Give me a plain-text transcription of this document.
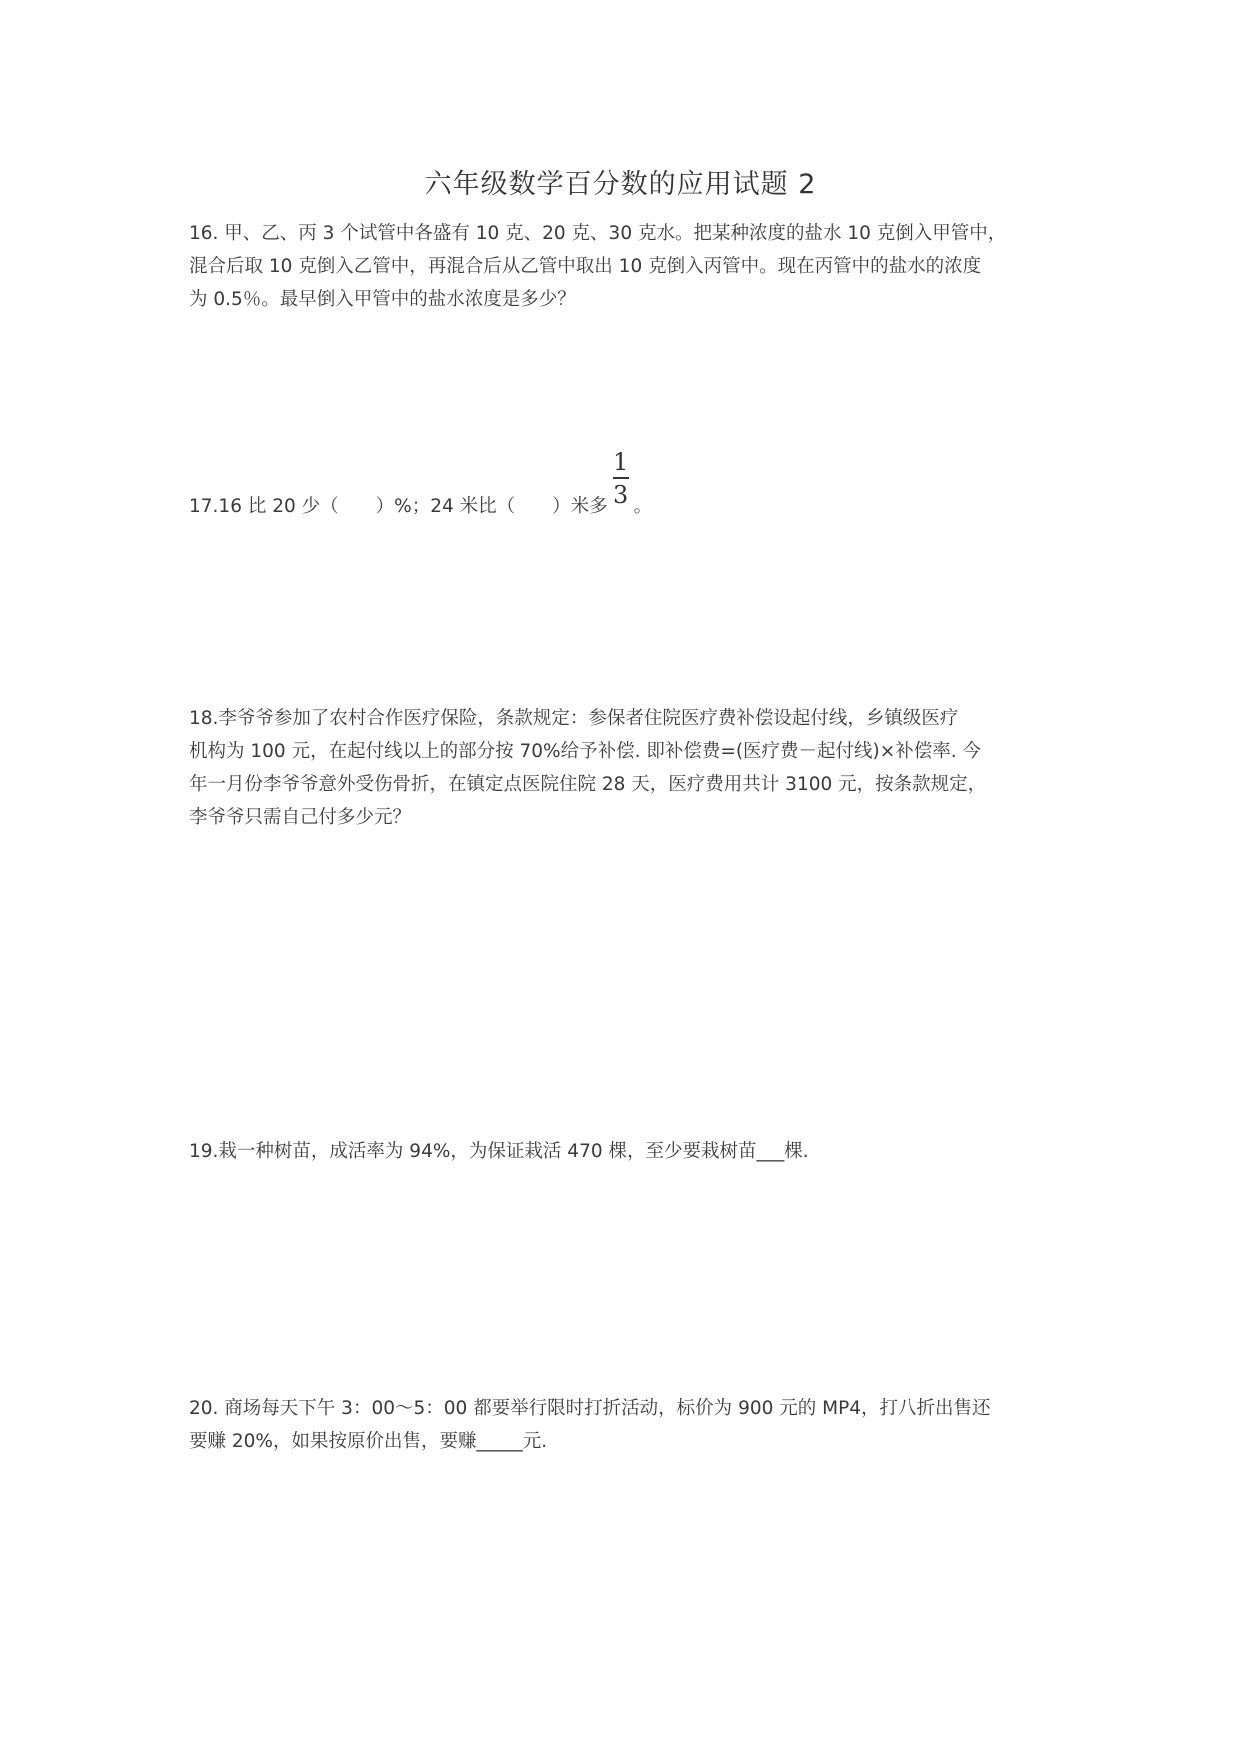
六年级数学百分数的应用试题 2

16. 甲、乙、丙 3 个试管中各盛有 10 克、20 克、30 克水。把某种浓度的盐水 10 克倒入甲管中，

混合后取 10 克倒入乙管中，再混合后从乙管中取出 10 克倒入丙管中。现在丙管中的盐水的浓度

为 0.5％。最早倒入甲管中的盐水浓度是多少？

17.16 比 20 少（　　）%；24 米比（　　）米多 $\frac{1}{3}$ 。

18.李爷爷参加了农村合作医疗保险，条款规定：参保者住院医疗费补偿设起付线，乡镇级医疗

机构为 100 元，在起付线以上的部分按 70%给予补偿. 即补偿费=(医疗费－起付线)×补偿率. 今

年一月份李爷爷意外受伤骨折，在镇定点医院住院 28 天，医疗费用共计 3100 元，按条款规定，

李爷爷只需自己付多少元？

19.栽一种树苗，成活率为 94%，为保证栽活 470 棵，至少要栽树苗___棵.

20. 商场每天下午 3：00～5：00 都要举行限时打折活动，标价为 900 元的 MP4，打八折出售还

要赚 20%，如果按原价出售，要赚_____元.
